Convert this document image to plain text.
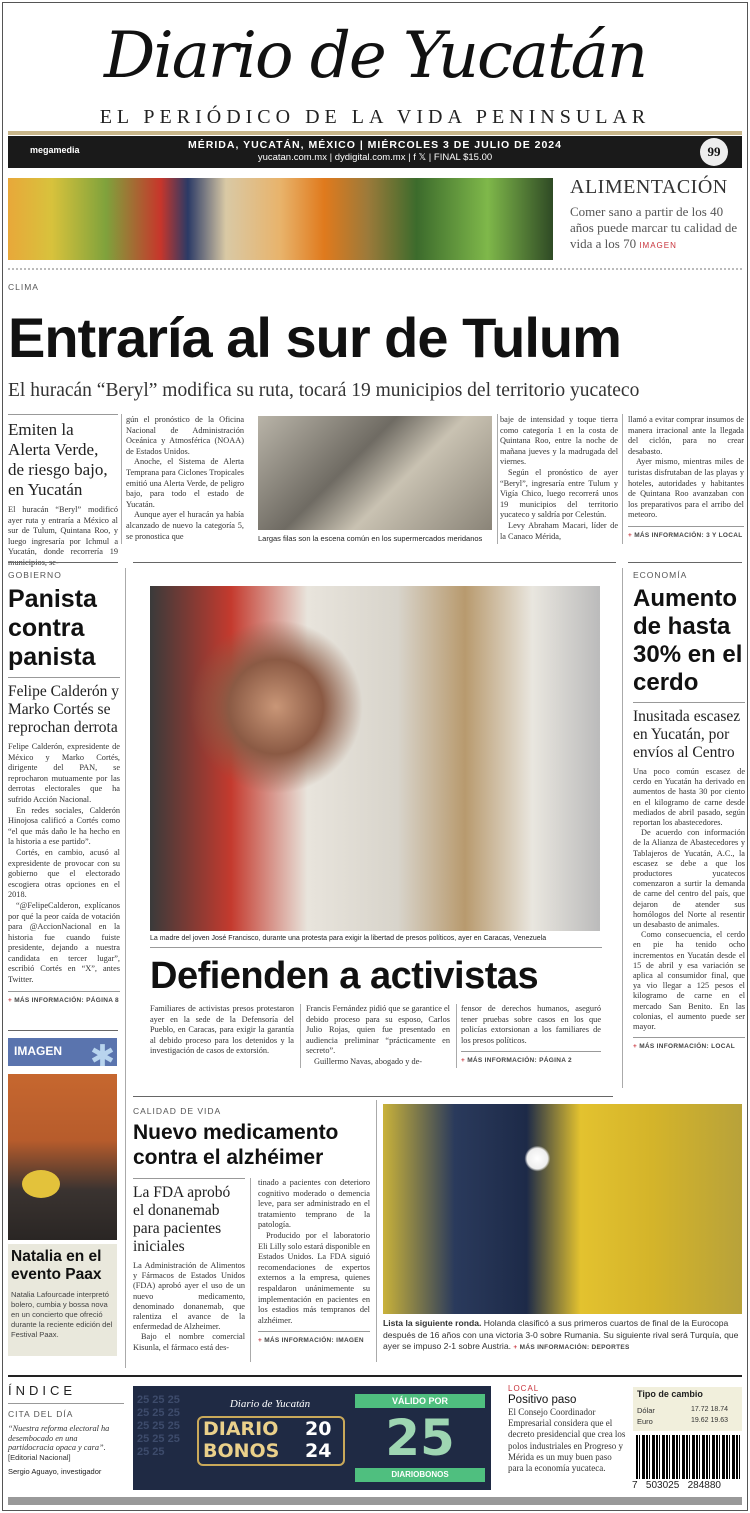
Diario de Yucatán
EL PERIÓDICO DE LA VIDA PENINSULAR
megamedia	MÉRIDA, YUCATÁN, MÉXICO | MIÉRCOLES 3 DE JULIO DE 2024
yucatan.com.mx | dydigital.com.mx | f 𝕏 | FINAL $15.00	99
ALIMENTACIÓN
Comer sano a partir de los 40 años puede marcar tu calidad de vida a los 70 IMAGEN
CLIMA
Entraría al sur de Tulum
El huracán “Beryl” modifica su ruta, tocará 19 municipios del territorio yucateco
Emiten la Alerta Verde, de riesgo bajo, en Yucatán

El huracán “Beryl” modificó ayer ruta y entraría a México al sur de Tulum, Quintana Roo, y luego ingresaría por Ichmul a Yucatán, donde recorrería 19

gún el pronóstico de la Oficina Nacional de Administración Oceánica y Atmosférica (NOAA) de Estados Unidos.

Anoche, el Sistema de Alerta Temprana para Ciclones Tropicales emitió una Alerta Verde, de peligro bajo, para todo el estado de Yucatán.

Aunque ayer el huracán ya había alcanzado de nuevo la categoría 5, se pronostica que	Largas filas son la escena común en los supermercados meridanos

baje de intensidad y toque tierra como categoría 1 en la costa de Quintana Roo, entre la noche de mañana jueves y la madrugada del viernes.

Según el pronóstico de ayer “Beryl”, ingresaría entre Tulum y Vigía Chico, luego recorrerá unos 19 municipios del territorio yucateco y saldría por Celestún.

Levy Abraham Macari, líder de la Canaco Mérida,

llamó a evitar comprar insumos de manera irracional ante la llegada del ciclón, para no crear desabasto.

Ayer mismo, mientras miles de turistas disfrutaban de las playas y hoteles, autoridades y habitantes de Quintana Roo avanzaban con los preparativos para el arribo del meteoro.

+ MÁS INFORMACIÓN: 3 Y LOCAL
GOBIERNO
Panista contra panista
Felipe Calderón y Marko Cortés se reprochan derrota

Felipe Calderón, expresidente de México y Marko Cortés, dirigente del PAN, se reprocharon mutuamente por las derrotas electorales que ha sufrido Acción Nacional.

En redes sociales, Calderón Hinojosa calificó a Cortés como “el que más daño le ha hecho en la historia a ese partido”.

Cortés, en cambio, acusó al expresidente de provocar con su gobierno que el electorado escogiera otras opciones en el 2018.

“@FelipeCalderon, explícanos por qué la peor caída de votación para @AccionNacional en la historia fue cuando fuiste presidente, dejando a nuestra candidata en tercer lugar”, escribió Cortés en “X”, antes Twitter.

+ MÁS INFORMACIÓN: PÁGINA 8
La madre del joven José Francisco, durante una protesta para exigir la libertad de presos políticos, ayer en Caracas, Venezuela
Defienden a activistas

Familiares de activistas presos protestaron ayer en la sede de la Defensoría del Pueblo, en Caracas, para exigir la garantía al debido proceso para los detenidos y la investigación de casos de extorsión.

Francis Fernández pidió que se garantice el debido proceso para su esposo, Carlos Julio Rojas, quien fue presentado en audiencia preliminar “prácticamente en secreto”.

Guillermo Navas, abogado y de-

fensor de derechos humanos, aseguró tener pruebas sobre casos en los que policías extorsionan a los familiares de los presos políticos.

+ MÁS INFORMACIÓN: PÁGINA 2
ECONOMÍA
Aumento de hasta 30% en el cerdo
Inusitada escasez en Yucatán, por envíos al Centro

Una poco común escasez de cerdo en Yucatán ha derivado en aumentos de hasta 30 por ciento en el kilogramo de carne desde mediados de abril pasado, según reportan los abastecedores.

De acuerdo con información de la Alianza de Abastecedores y Tablajeros de Yucatán, A.C., la escasez se debe a que los productores yucatecos comenzaron a surtir la demanda de carne del centro del país, que dejaron de atender sus homólogos del Norte al resentir un desabasto de animales.

Como consecuencia, el cerdo en pie ha tenido ocho incrementos en Yucatán desde el 15 de abril y esa variación se aplica al consumidor final, que ya vio llegar a 125 pesos el kilogramo de carne en el mercado San Benito. En las colonias, el aumento puede ser mayor.

+ MÁS INFORMACIÓN: LOCAL
IMAGEN ✱
Natalia en el evento Paax
Natalia Lafourcade interpretó bolero, cumbia y bossa nova en un concierto que ofreció durante la reciente edición del Festival Paax.
CALIDAD DE VIDA
Nuevo medicamento contra el alzhéimer
La FDA aprobó el donanemab para pacientes iniciales

La Administración de Alimentos y Fármacos de Estados Unidos (FDA) aprobó ayer el uso de un nuevo medicamento, denominado donanemab, que ralentiza el avance de la enfermedad de Alzheimer.

Bajo el nombre comercial Kisunla, el fármaco está des-

tinado a pacientes con deterioro cognitivo moderado o demencia leve, para ser administrado en el tratamiento temprano de la patología.

Producido por el laboratorio Eli Lilly solo estará disponible en Estados Unidos. La FDA siguió recomendaciones de expertos externos a la empresa, quienes respaldaron unánimemente su implementación en pacientes en los estadios más tempranos del alzhéimer.

+ MÁS INFORMACIÓN: IMAGEN
Lista la siguiente ronda. Holanda clasificó a sus primeros cuartos de final de la Eurocopa después de 16 años con una victoria 3-0 sobre Rumania. Su siguiente rival será Turquía, que ayer se impuso 2-1 sobre Austria. + MÁS INFORMACIÓN: DEPORTES
ÍNDICE
CITA DEL DÍA
“Nuestra reforma electoral ha desembocado en una partidocracia opaca y cara”.
[Editorial Nacional]
Sergio Aguayo, investigador
25 25 25 25 25 25 25 25 25 25 25 25 25 25
Diario de Yucatán
DIARIO
BONOS
20
24
VÁLIDO POR
25
DIARIOBONOS
LOCAL
Positivo paso
El Consejo Coordinador Empresarial considera que el decreto presidencial que crea los polos industriales en Progreso y Mérida es un muy buen paso para la economía yucateca.
Tipo de cambio
Dólar	17.72 18.74
Euro	19.62 19.63
7   503025   284880
